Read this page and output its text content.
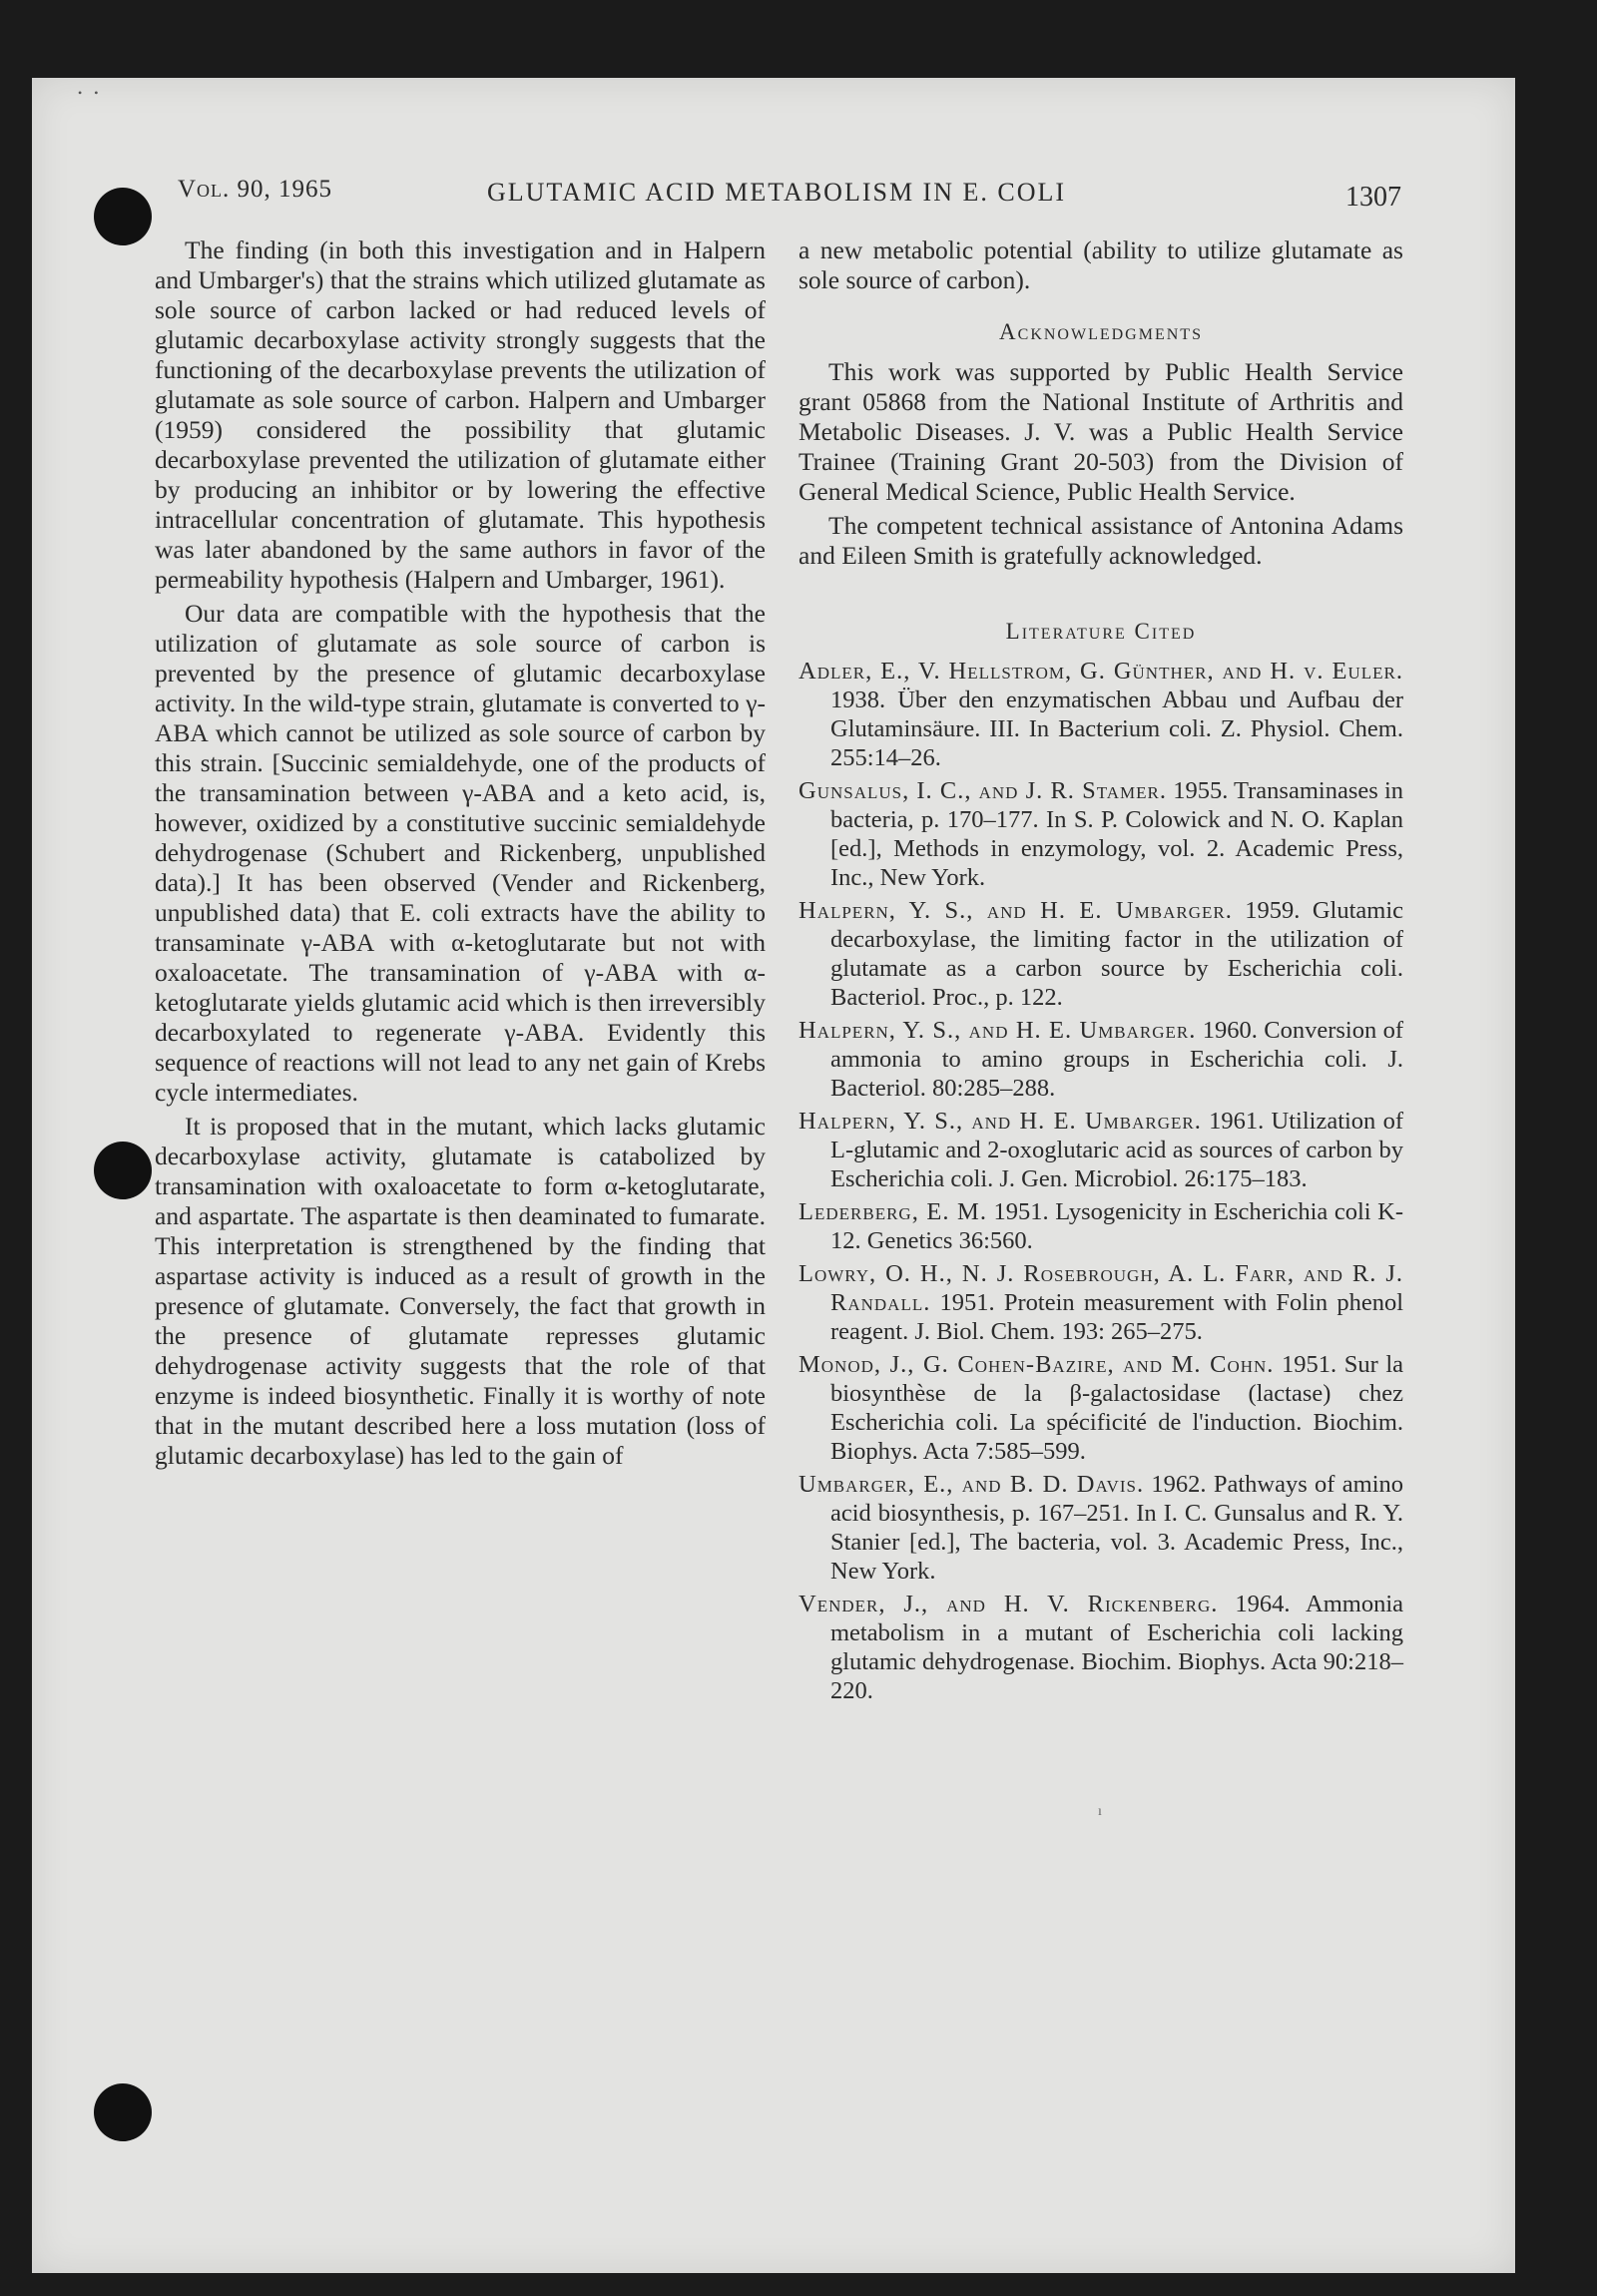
•    •
Vol. 90, 1965	GLUTAMIC ACID METABOLISM IN E. COLI	1307

The finding (in both this investigation and in Halpern and Umbarger's) that the strains which utilized glutamate as sole source of carbon lacked or had reduced levels of glutamic decarboxylase activity strongly suggests that the functioning of the decarboxylase prevents the utilization of glutamate as sole source of carbon. Halpern and Umbarger (1959) considered the possibility that glutamic decarboxylase prevented the utilization of glutamate either by producing an inhibitor or by lowering the effective intracellular concentration of glutamate. This hypothesis was later abandoned by the same authors in favor of the permeability hypothesis (Halpern and Umbarger, 1961).

Our data are compatible with the hypothesis that the utilization of glutamate as sole source of carbon is prevented by the presence of glutamic decarboxylase activity. In the wild-type strain, glutamate is converted to γ-ABA which cannot be utilized as sole source of carbon by this strain. [Succinic semialdehyde, one of the products of the transamination between γ-ABA and a keto acid, is, however, oxidized by a constitutive succinic semialdehyde dehydrogenase (Schubert and Rickenberg, unpublished data).] It has been observed (Vender and Rickenberg, unpublished data) that E. coli extracts have the ability to transaminate γ-ABA with α-ketoglutarate but not with oxaloacetate. The transamination of γ-ABA with α-ketoglutarate yields glutamic acid which is then irreversibly decarboxylated to regenerate γ-ABA. Evidently this sequence of reactions will not lead to any net gain of Krebs cycle intermediates.

It is proposed that in the mutant, which lacks glutamic decarboxylase activity, glutamate is catabolized by transamination with oxaloacetate to form α-ketoglutarate, and aspartate. The aspartate is then deaminated to fumarate. This interpretation is strengthened by the finding that aspartase activity is induced as a result of growth in the presence of glutamate. Conversely, the fact that growth in the presence of glutamate represses glutamic dehydrogenase activity suggests that the role of that enzyme is indeed biosynthetic. Finally it is worthy of note that in the mutant described here a loss mutation (loss of glutamic decarboxylase) has led to the gain of

a new metabolic potential (ability to utilize glutamate as sole source of carbon).

Acknowledgments

This work was supported by Public Health Service grant 05868 from the National Institute of Arthritis and Metabolic Diseases. J. V. was a Public Health Service Trainee (Training Grant 20-503) from the Division of General Medical Science, Public Health Service.

The competent technical assistance of Antonina Adams and Eileen Smith is gratefully acknowledged.

Literature Cited
Adler, E., V. Hellstrom, G. Günther, and H. v. Euler. 1938. Über den enzymatischen Abbau und Aufbau der Glutaminsäure. III. In Bacterium coli. Z. Physiol. Chem. 255:14–26.
Gunsalus, I. C., and J. R. Stamer. 1955. Transaminases in bacteria, p. 170–177. In S. P. Colowick and N. O. Kaplan [ed.], Methods in enzymology, vol. 2. Academic Press, Inc., New York.
Halpern, Y. S., and H. E. Umbarger. 1959. Glutamic decarboxylase, the limiting factor in the utilization of glutamate as a carbon source by Escherichia coli. Bacteriol. Proc., p. 122.
Halpern, Y. S., and H. E. Umbarger. 1960. Conversion of ammonia to amino groups in Escherichia coli. J. Bacteriol. 80:285–288.
Halpern, Y. S., and H. E. Umbarger. 1961. Utilization of L-glutamic and 2-oxoglutaric acid as sources of carbon by Escherichia coli. J. Gen. Microbiol. 26:175–183.
Lederberg, E. M. 1951. Lysogenicity in Escherichia coli K-12. Genetics 36:560.
Lowry, O. H., N. J. Rosebrough, A. L. Farr, and R. J. Randall. 1951. Protein measurement with Folin phenol reagent. J. Biol. Chem. 193: 265–275.
Monod, J., G. Cohen-Bazire, and M. Cohn. 1951. Sur la biosynthèse de la β-galactosidase (lactase) chez Escherichia coli. La spécificité de l'induction. Biochim. Biophys. Acta 7:585–599.
Umbarger, E., and B. D. Davis. 1962. Pathways of amino acid biosynthesis, p. 167–251. In I. C. Gunsalus and R. Y. Stanier [ed.], The bacteria, vol. 3. Academic Press, Inc., New York.
Vender, J., and H. V. Rickenberg. 1964. Ammonia metabolism in a mutant of Escherichia coli lacking glutamic dehydrogenase. Biochim. Biophys. Acta 90:218–220.
ı
